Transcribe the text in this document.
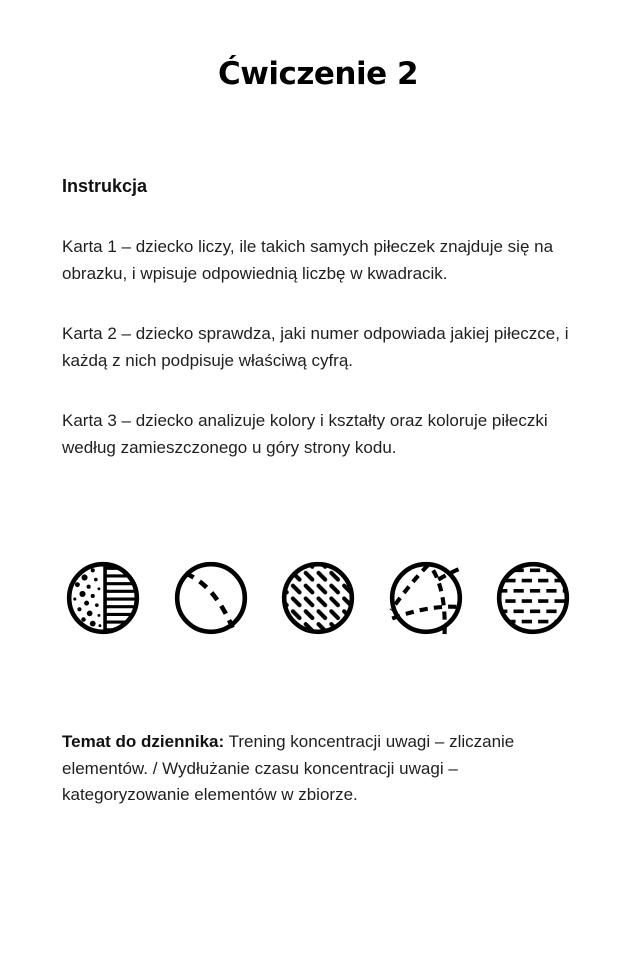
Ćwiczenie 2
Instrukcja

Karta 1 – dziecko liczy, ile takich samych piłeczek znajduje się na obrazku, i wpisuje odpowiednią liczbę w kwadracik.

Karta 2 – dziecko sprawdza, jaki numer odpowiada jakiej piłeczce, i każdą z nich podpisuje właściwą cyfrą.

Karta 3 – dziecko analizuje kolory i kształty oraz koloruje piłeczki według zamieszczonego u góry strony kodu.

Temat do dziennika: Trening koncentracji uwagi – zliczanie elementów. / Wydłużanie czasu koncentracji uwagi – kategoryzowanie elementów w zbiorze.
